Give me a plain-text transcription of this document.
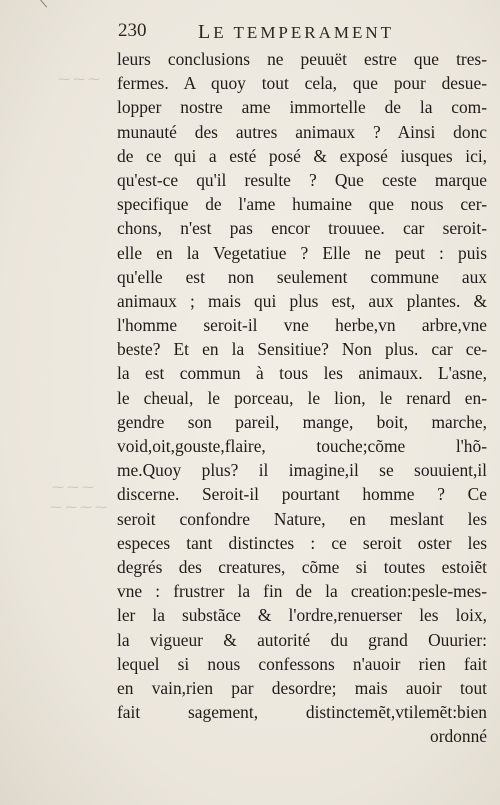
230	LE TEMPERAMENT
⁓ ⁓ ⁓
⁓ ⁓ ⁓
⁓ ⁓ ⁓ ⁓
leurs conclusions ne peuuët estre que tres-
fermes. A quoy tout cela, que pour desue-
lopper nostre ame immortelle de la com-
munauté des autres animaux ? Ainsi donc
de ce qui a esté posé & exposé iusques ici,
qu'est-ce qu'il resulte ? Que ceste marque
specifique de l'ame humaine que nous cer-
chons, n'est pas encor trouuee. car seroit-
elle en la Vegetatiue ? Elle ne peut : puis
qu'elle est non seulement commune aux
animaux ; mais qui plus est, aux plantes. &
l'homme seroit-il vne herbe,vn arbre,vne
beste? Et en la Sensitiue? Non plus. car ce-
la est commun à tous les animaux. L'asne,
le cheual, le porceau, le lion, le renard en-
gendre son pareil, mange, boit, marche,
void,oit,gouste,flaire, touche;cõme l'hõ-
me.Quoy plus? il imagine,il se souuient,il
discerne. Seroit-il pourtant homme ? Ce
seroit confondre Nature, en meslant les
especes tant distinctes : ce seroit oster les
degrés des creatures, cõme si toutes estoiẽt
vne : frustrer la fin de la creation:pesle-mes-
ler la substãce & l'ordre,renuerser les loix,
la vigueur & autorité du grand Ouurier:
lequel si nous confessons n'auoir rien fait
en vain,rien par desordre; mais auoir tout
fait sagement, distinctemẽt,vtilemẽt:bien
ordonné
